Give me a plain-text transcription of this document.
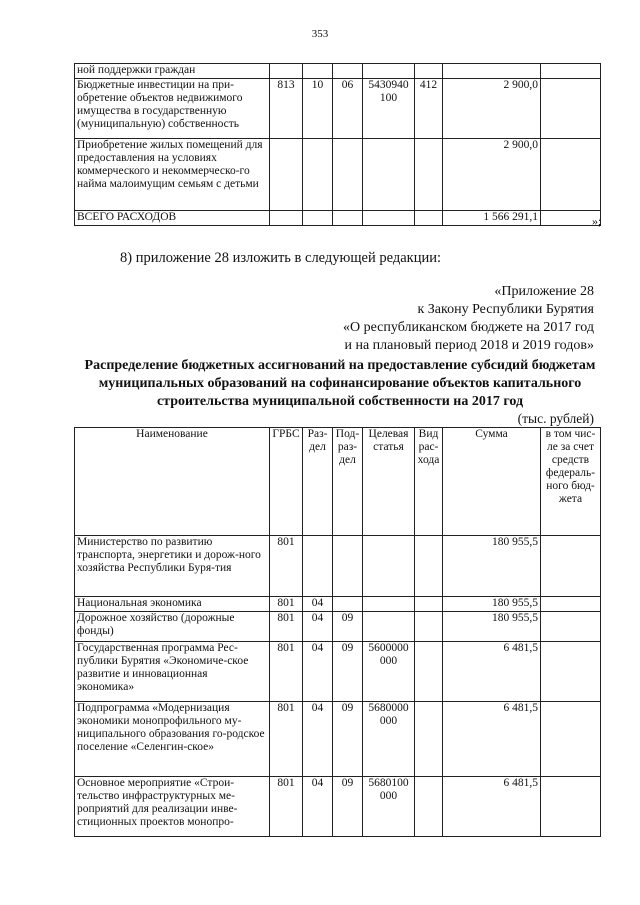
353
ной поддержки граждан							
Бюджетные инвестиции на при-обретение объектов недвижимого имущества в государственную (муниципальную) собственность	813	10	06	5430940 100	412	2 900,0	
Приобретение жилых помещений для предоставления на условиях коммерческого и некоммерческо-го найма малоимущим семьям с детьми						2 900,0	
ВСЕГО РАСХОДОВ						1 566 291,1		»;
8) приложение 28 изложить в следующей редакции:
«Приложение 28
к Закону Республики Бурятия
«О республиканском бюджете на 2017 год
и на плановый период 2018 и 2019 годов»
Распределение бюджетных ассигнований на предоставление субсидий бюджетам муниципальных образований на софинансирование объектов капитального строительства муниципальной собственности на 2017 год
(тыс. рублей)
Наименование	ГРБС	Раз-дел	Под-раз-дел	Целевая статья	Вид рас-хода	Сумма	в том чис-ле за счет средств федераль-ного бюд-жета
Министерство по развитию транспорта, энергетики и дорож-ного хозяйства Республики Буря-тия	801					180 955,5	
Национальная экономика	801	04				180 955,5	
Дорожное хозяйство (дорожные фонды)	801	04	09			180 955,5	
Государственная программа Рес-публики Бурятия «Экономиче-ское развитие и инновационная экономика»	801	04	09	5600000 000		6 481,5	
Подпрограмма «Модернизация экономики монопрофильного му-ниципального образования го-родское поселение «Селенгин-ское»	801	04	09	5680000 000		6 481,5	
Основное мероприятие «Строи-тельство инфраструктурных ме-роприятий для реализации инве-стиционных проектов монопро-	801	04	09	5680100 000		6 481,5	
